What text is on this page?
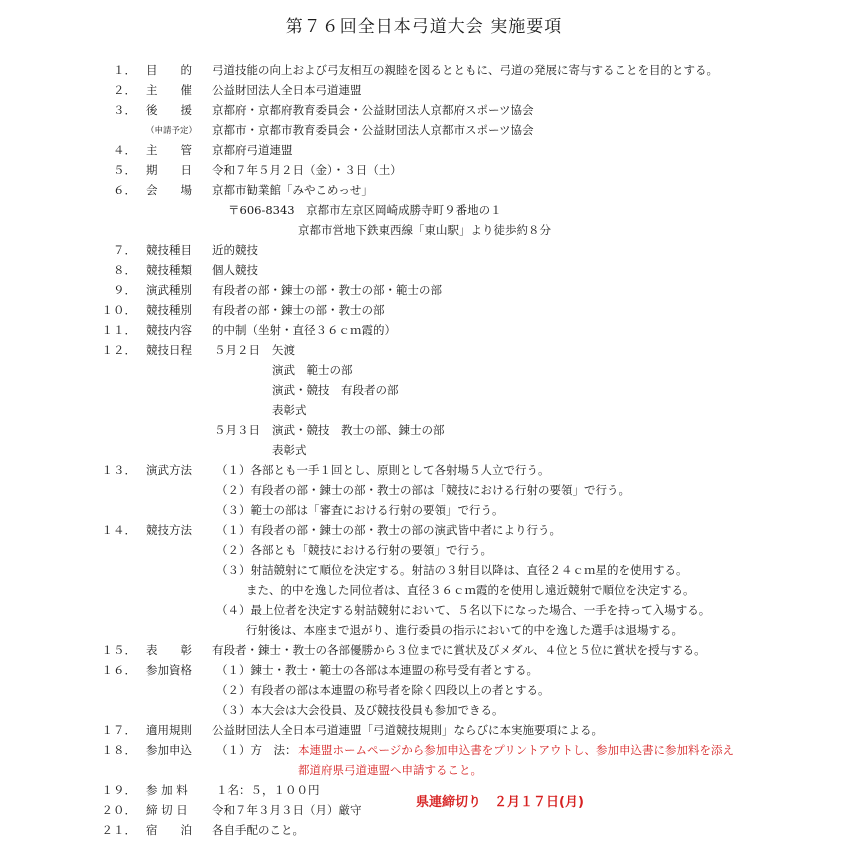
第７６回全日本弓道大会 実施要項
１． 目　　的 弓道技能の向上および弓友相互の親睦を図るとともに、弓道の発展に寄与することを目的とする。
２． 主　　催 公益財団法人全日本弓道連盟
３． 後　　援 京都府・京都府教育委員会・公益財団法人京都府スポーツ協会
（申請予定） 京都市・京都市教育委員会・公益財団法人京都市スポーツ協会
４． 主　　管 京都府弓道連盟
５． 期　　日 令和７年５月２日（金）・３日（土）
６． 会　　場 京都市勧業館「みやこめっせ」
〒606-8343　京都市左京区岡崎成勝寺町９番地の１
京都市営地下鉄東西線「東山駅」より徒歩約８分
７． 競技種目 近的競技
８． 競技種類 個人競技
９． 演武種別 有段者の部・錬士の部・教士の部・範士の部
１０． 競技種別 有段者の部・錬士の部・教士の部
１１． 競技内容 的中制（坐射・直径３６ｃｍ霞的）
１２． 競技日程 ５月２日 矢渡
演武　範士の部
演武・競技　有段者の部
表彰式
５月３日 演武・競技　教士の部、錬士の部
表彰式
１３． 演武方法 （１）各部とも一手１回とし、原則として各射場５人立で行う。
（２）有段者の部・錬士の部・教士の部は「競技における行射の要領」で行う。
（３）範士の部は「審査における行射の要領」で行う。
１４． 競技方法 （１）有段者の部・錬士の部・教士の部の演武皆中者により行う。
（２）各部とも「競技における行射の要領」で行う。
（３）射詰競射にて順位を決定する。射詰の３射目以降は、直径２４ｃｍ星的を使用する。
また、的中を逸した同位者は、直径３６ｃｍ霞的を使用し遠近競射で順位を決定する。
（４）最上位者を決定する射詰競射において、５名以下になった場合、一手を持って入場する。
行射後は、本座まで退がり、進行委員の指示において的中を逸した選手は退場する。
１５． 表　　彰 有段者・錬士・教士の各部優勝から３位までに賞状及びメダル、４位と５位に賞状を授与する。
１６． 参加資格 （１）錬士・教士・範士の各部は本連盟の称号受有者とする。
（２）有段者の部は本連盟の称号者を除く四段以上の者とする。
（３）本大会は大会役員、及び競技役員も参加できる。
１７． 適用規則 公益財団法人全日本弓道連盟「弓道競技規則」ならびに本実施要項による。
１８． 参加申込 （１）方　法： 本連盟ホームページから参加申込書をプリントアウトし、参加申込書に参加料を添え
都道府県弓道連盟へ申請すること。
１９． 参 加 料 １名：５，１００円
２０． 締 切 日 令和７年３月３日（月）厳守	県連締切り　２月１７日(月)
２１． 宿　　泊 各自手配のこと。
